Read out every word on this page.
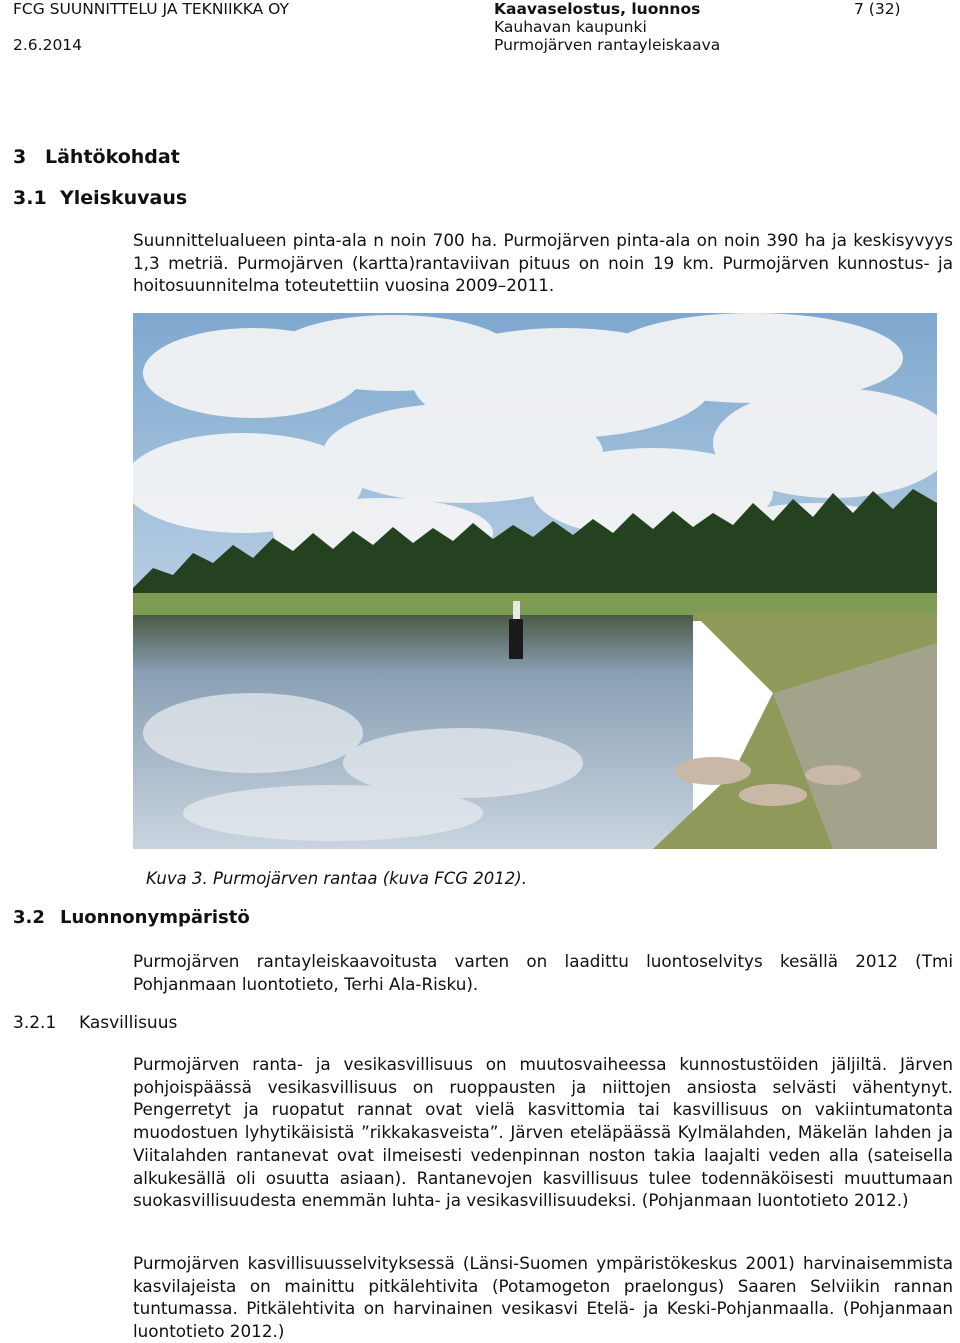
FCG SUUNNITTELU JA TEKNIIKKA OY
2.6.2014
Kaavaselostus, luonnos
Kauhavan kaupunki
Purmojärven rantayleiskaava
7 (32)
3 Lähtökohdat
3.1 Yleiskuvaus

Suunnittelualueen pinta-ala n noin 700 ha. Purmojärven pinta-ala on noin 390 ha ja keskisyvyys 1,3 metriä. Purmojärven (kartta)rantaviivan pituus on noin 19 km. Purmojärven kunnostus- ja hoitosuunnitelma toteutettiin vuosina 2009–2011.

Kuva 3. Purmojärven rantaa (kuva FCG 2012).
3.2 Luonnonympäristö

Purmojärven rantayleiskaavoitusta varten on laadittu luontoselvitys kesällä 2012 (Tmi Pohjanmaan luontotieto, Terhi Ala-Risku).

3.2.1 Kasvillisuus

Purmojärven ranta- ja vesikasvillisuus on muutosvaiheessa kunnostustöiden jäljiltä. Järven pohjoispäässä vesikasvillisuus on ruoppausten ja niittojen ansiosta selvästi vähentynyt. Pengerretyt ja ruopatut rannat ovat vielä kasvittomia tai kasvillisuus on vakiintumatonta muodostuen lyhytikäisistä ”rikkakasveista”. Järven eteläpäässä Kylmälahden, Mäkelän lahden ja Viitalahden rantanevat ovat ilmeisesti vedenpinnan noston takia laajalti veden alla (sateisella alkukesällä oli osuutta asiaan). Rantanevojen kasvillisuus tulee todennäköisesti muuttumaan suokasvillisuudesta enemmän luhta- ja vesikasvillisuudeksi. (Pohjanmaan luontotieto 2012.)

Purmojärven kasvillisuusselvityksessä (Länsi-Suomen ympäristökeskus 2001) harvinaisemmista kasvilajeista on mainittu pitkälehtivita (Potamogeton praelongus) Saaren Selviikin rannan tuntumassa. Pitkälehtivita on harvinainen vesikasvi Etelä- ja Keski-Pohjanmaalla. (Pohjanmaan luontotieto 2012.)
